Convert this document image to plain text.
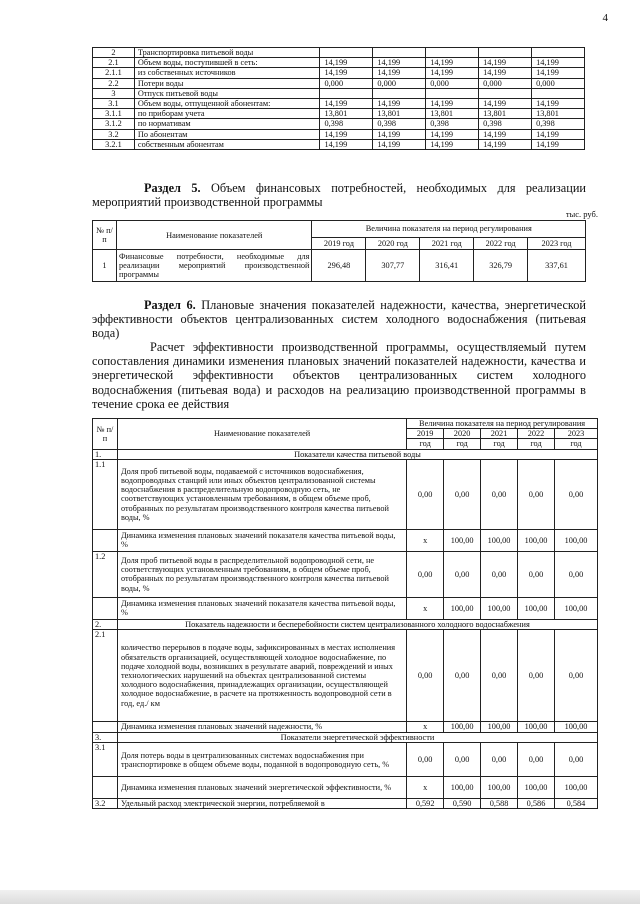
4
2	Транспортировка питьевой воды					
2.1	Объем воды, поступившей в сеть:	14,199	14,199	14,199	14,199	14,199
2.1.1	из собственных источников	14,199	14,199	14,199	14,199	14,199
2.2	Потери воды	0,000	0,000	0,000	0,000	0,000
3	Отпуск питьевой воды					
3.1	Объем воды, отпущенной абонентам:	14,199	14,199	14,199	14,199	14,199
3.1.1	по приборам учета	13,801	13,801	13,801	13,801	13,801
3.1.2	по нормативам	0,398	0,398	0,398	0,398	0,398
3.2	По абонентам	14,199	14,199	14,199	14,199	14,199
3.2.1	собственным абонентам	14,199	14,199	14,199	14,199	14,199
Раздел 5. Объем финансовых потребностей, необходимых для реализации мероприятий производственной программы
тыс. руб.
№ п/п	Наименование показателей	Величина показателя на период регулирования				
		2019 год	2020 год	2021 год	2022 год	2023 год
1	Финансовые потребности, необходимые для реализации мероприятий производственной программы	296,48	307,77	316,41	326,79	337,61
Раздел 6. Плановые значения показателей надежности, качества, энергетической эффективности объектов централизованных систем холодного водоснабжения (питьевая вода)

Расчет эффективности производственной программы, осуществляемый путем сопоставления динамики изменения плановых значений показателей надежности, качества и энергетической эффективности объектов централизованных систем холодного водоснабжения (питьевая вода) и расходов на реализацию производственной программы в течение срока ее действия

№ п/п	Наименование показателей	Величина показателя на период регулирования				
		2019	2020	2021	2022	2023
		год	год	год	год	год
1.	Показатели качества питьевой воды					
1.1	Доля проб питьевой воды, подаваемой с источников водоснабжения, водопроводных станций или иных объектов централизованной системы водоснабжения в распределительную водопроводную сеть, не соответствующих установленным требованиям, в общем объеме проб, отобранных по результатам производственного контроля качества питьевой воды, %	0,00	0,00	0,00	0,00	0,00
	Динамика изменения плановых значений показателя качества питьевой воды, %	x	100,00	100,00	100,00	100,00
1.2	Доля проб питьевой воды в распределительной водопроводной сети, не соответствующих установленным требованиям, в общем объеме проб, отобранных по результатам производственного контроля качества питьевой воды, %	0,00	0,00	0,00	0,00	0,00
	Динамика изменения плановых значений показателя качества питьевой воды, %	x	100,00	100,00	100,00	100,00
2.	Показатель надежности и бесперебойности систем централизованного холодного водоснабжения					
2.1	количество перерывов в подаче воды, зафиксированных в местах исполнения обязательств организацией, осуществляющей холодное водоснабжение, по подаче холодной воды, возникших в результате аварий, повреждений и иных технологических нарушений на объектах централизованной системы холодного водоснабжения, принадлежащих организации, осуществляющей холодное водоснабжение, в расчете на протяженность водопроводной сети в год, ед./ км	0,00	0,00	0,00	0,00	0,00
	Динамика изменения плановых значений надежности, %	x	100,00	100,00	100,00	100,00
3.	Показатели энергетической эффективности					
3.1	Доля потерь воды в централизованных системах водоснабжения при транспортировке в общем объеме воды, поданной в водопроводную сеть, %	0,00	0,00	0,00	0,00	0,00
	Динамика изменения плановых значений энергетической эффективности, %	x	100,00	100,00	100,00	100,00
3.2	Удельный расход электрической энергии, потребляемой в	0,592	0,590	0,588	0,586	0,584
